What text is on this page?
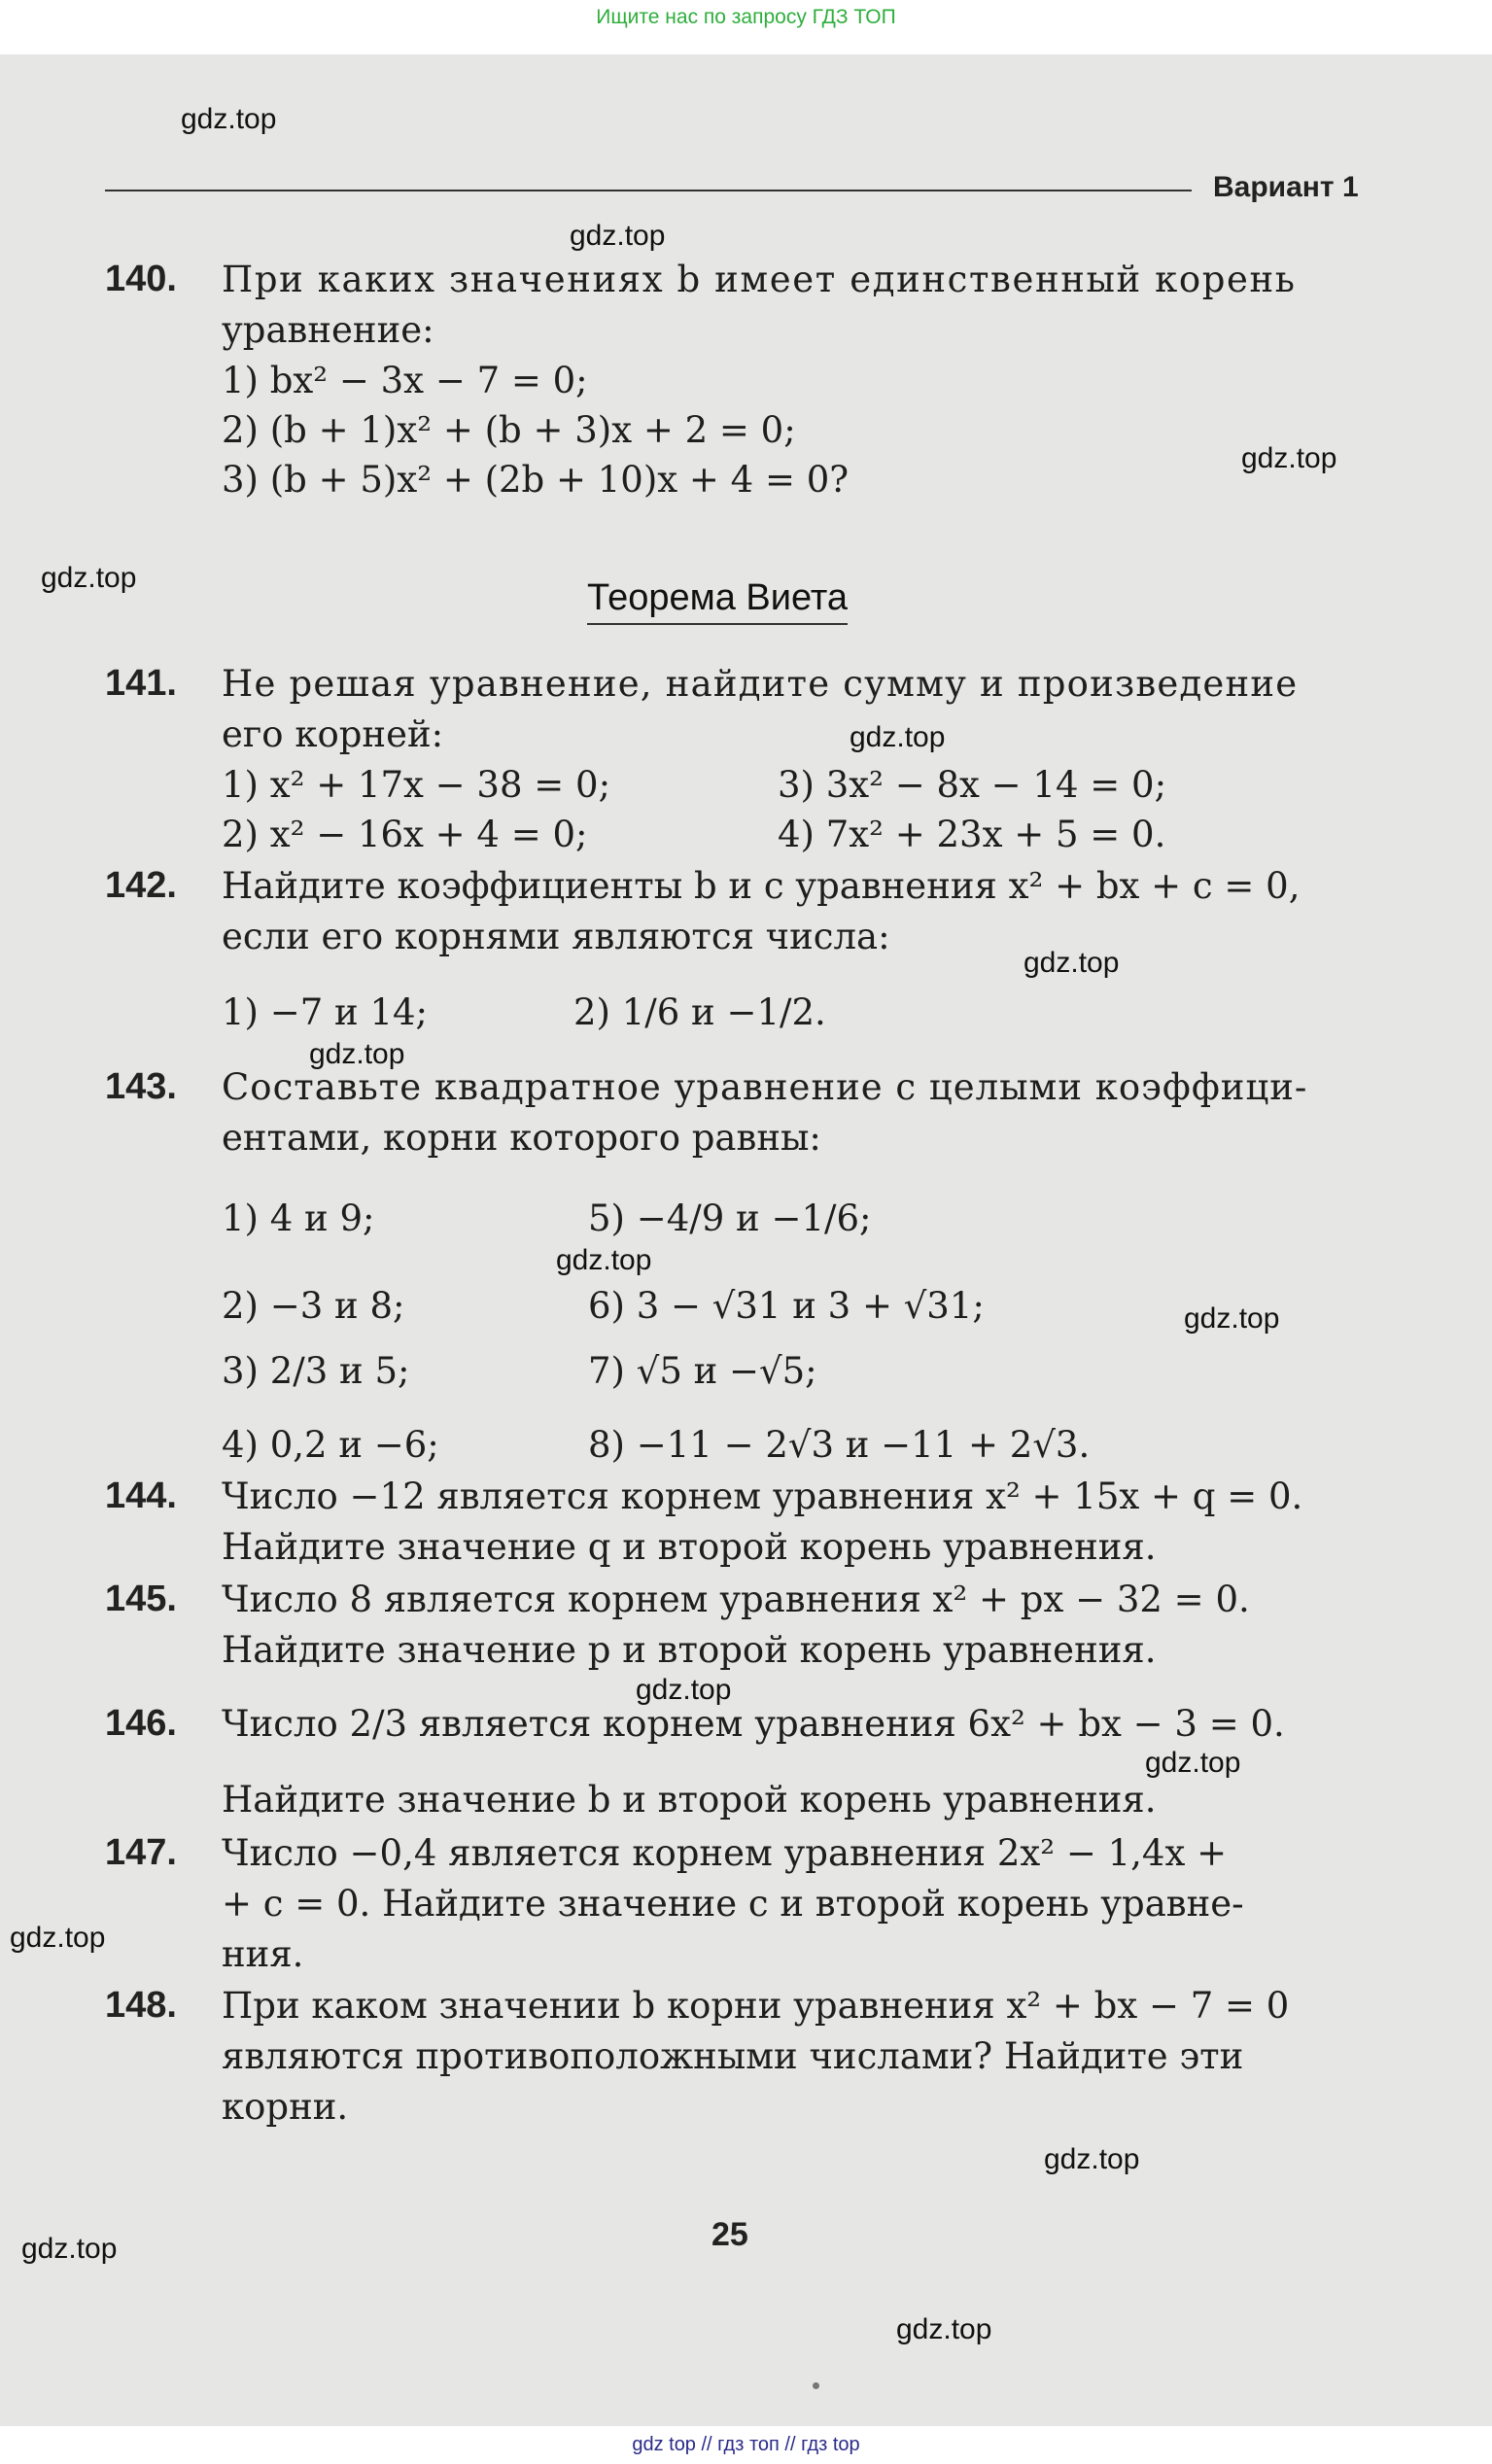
Ищите нас по запросу ГДЗ ТОП
gdz.top
gdz.top
gdz.top
gdz.top
gdz.top
gdz.top
gdz.top
gdz.top
gdz.top
gdz.top
gdz.top
gdz.top
gdz.top
gdz.top
gdz.top
Вариант 1
140. При каких значениях b имеет единственный корень
уравнение:
1) bx² − 3x − 7 = 0;
2) (b + 1)x² + (b + 3)x + 2 = 0;
3) (b + 5)x² + (2b + 10)x + 4 = 0?
Теорема Виета
141. Не решая уравнение, найдите сумму и произведение
его корней:
1) x² + 17x − 38 = 0;
2) x² − 16x + 4 = 0;
3) 3x² − 8x − 14 = 0;
4) 7x² + 23x + 5 = 0.
142. Найдите коэффициенты b и c уравнения x² + bx + c = 0,
если его корнями являются числа:
1) −7 и 14;	2) 1/6 и −1/2.
143. Составьте квадратное уравнение с целыми коэффици-
ентами, корни которого равны:
1) 4 и 9;
2) −3 и 8;
3) 2/3 и 5;
4) 0,2 и −6;
5) −4/9 и −1/6;
6) 3 − √31 и 3 + √31;
7) √5 и −√5;
8) −11 − 2√3 и −11 + 2√3.
144. Число −12 является корнем уравнения x² + 15x + q = 0.
Найдите значение q и второй корень уравнения.
145. Число 8 является корнем уравнения x² + px − 32 = 0.
Найдите значение p и второй корень уравнения.
146. Число 2/3 является корнем уравнения 6x² + bx − 3 = 0.
Найдите значение b и второй корень уравнения.
147. Число −0,4 является корнем уравнения 2x² − 1,4x +
+ c = 0. Найдите значение c и второй корень уравне-
ния.
148. При каком значении b корни уравнения x² + bx − 7 = 0
являются противоположными числами? Найдите эти
корни.
25
gdz top // гдз топ // гдз top
